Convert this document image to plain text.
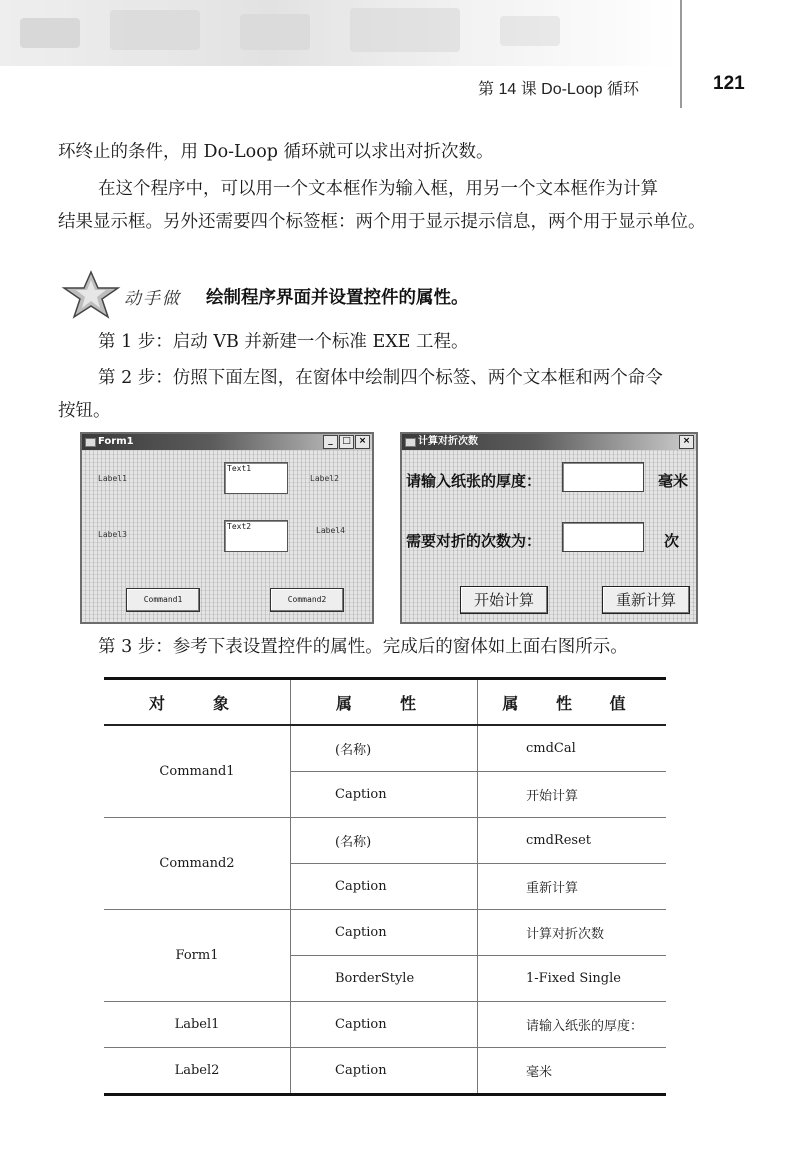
第 14 课 Do-Loop 循环	121
环终止的条件，用 Do-Loop 循环就可以求出对折次数。
在这个程序中，可以用一个文本框作为输入框，用另一个文本框作为计算
结果显示框。另外还需要四个标签框：两个用于显示提示信息，两个用于显示单位。
动手做 绘制程序界面并设置控件的属性。
第 1 步：启动 VB 并新建一个标准 EXE 工程。
第 2 步：仿照下面左图，在窗体中绘制四个标签、两个文本框和两个命令
按钮。
Form1	_	□ ×
Label1
Text1
Label2
Label3
Text2	Label4
Command1	Command2
计算对折次数	×
请输入纸张的厚度：	毫米
需要对折的次数为：	次
开始计算	重新计算
第 3 步：参考下表设置控件的属性。完成后的窗体如上面右图所示。
对　象	属　性	属 性 值
Command1	(名称)	cmdCal
	Caption	开始计算
Command2	(名称)	cmdReset
	Caption	重新计算
Form1	Caption	计算对折次数
	BorderStyle	1-Fixed Single
Label1	Caption	请输入纸张的厚度：
Label2	Caption	毫米
